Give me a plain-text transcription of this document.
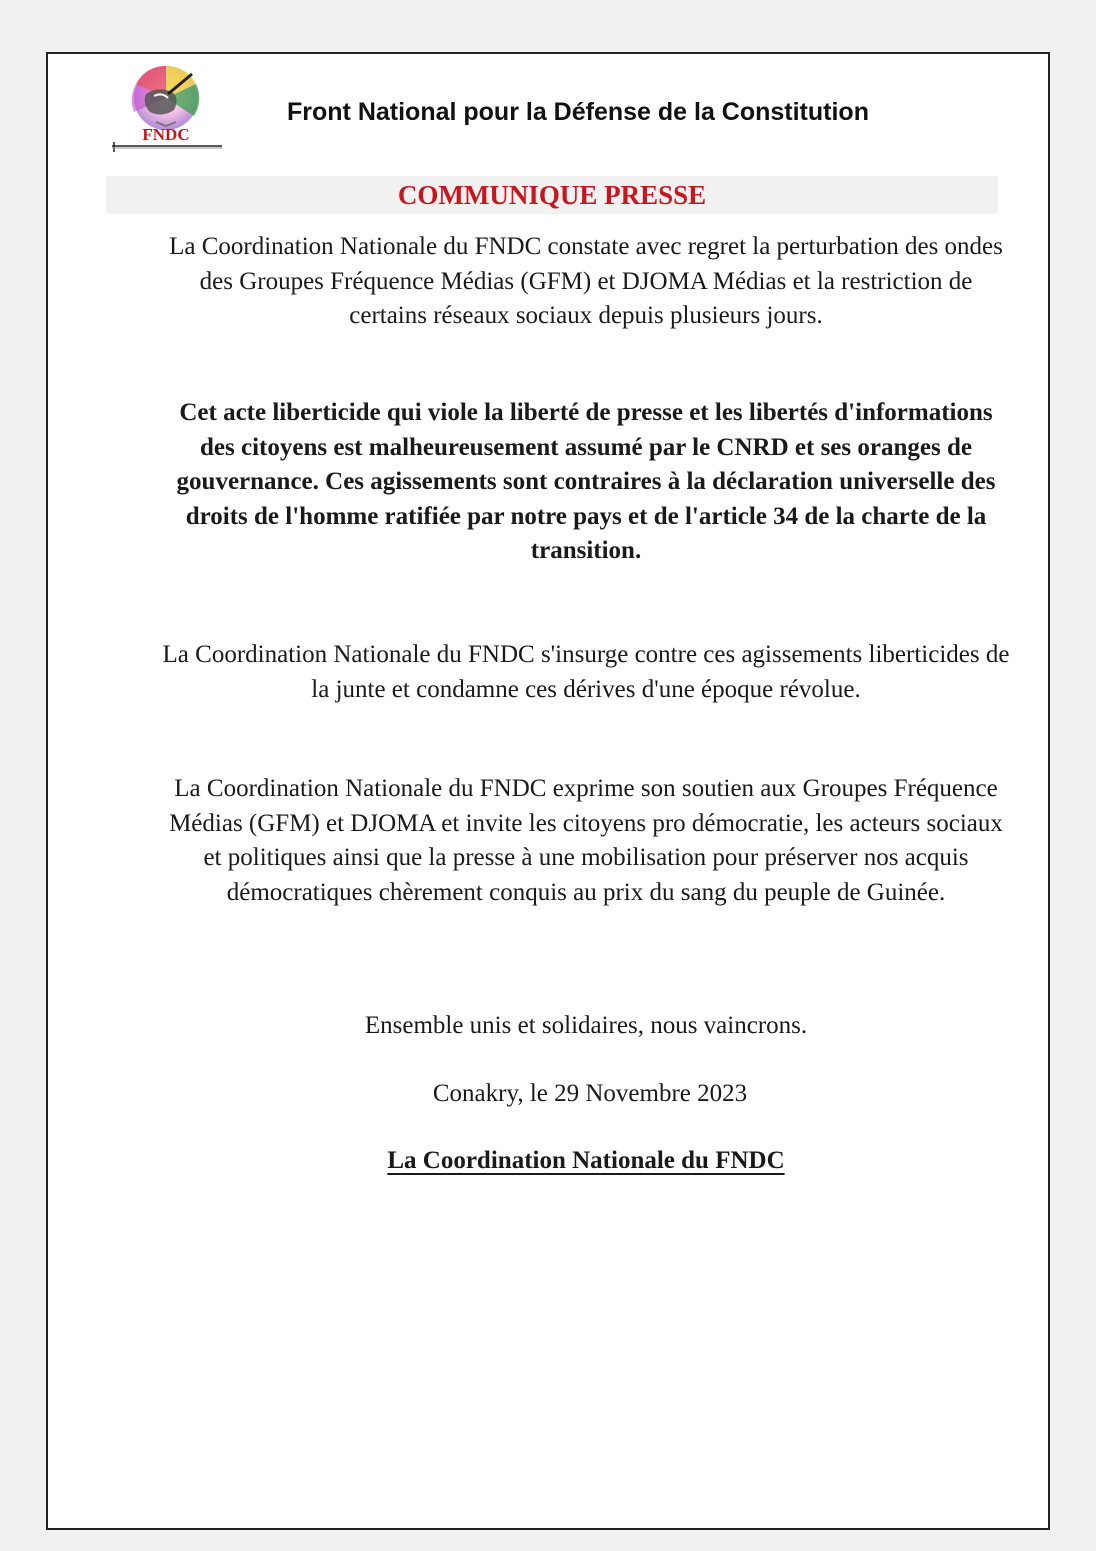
FNDC
Front National pour la Défense de la Constitution
COMMUNIQUE PRESSE

La Coordination Nationale du FNDC constate avec regret la perturbation des ondes des Groupes Fréquence Médias (GFM) et DJOMA Médias et la restriction de certains réseaux sociaux depuis plusieurs jours.

Cet acte liberticide qui viole la liberté de presse et les libertés d'informations des citoyens est malheureusement assumé par le CNRD et ses oranges de gouvernance. Ces agissements sont contraires à la déclaration universelle des droits de l'homme ratifiée par notre pays et de l'article 34 de la charte de la transition.

La Coordination Nationale du FNDC s'insurge contre ces agissements liberticides de la junte et condamne ces dérives d'une époque révolue.

La Coordination Nationale du FNDC exprime son soutien aux Groupes Fréquence Médias (GFM) et DJOMA et invite les citoyens pro démocratie, les acteurs sociaux et politiques ainsi que la presse à une mobilisation pour préserver nos acquis démocratiques chèrement conquis au prix du sang du peuple de Guinée.

Ensemble unis et solidaires, nous vaincrons.

Conakry, le 29 Novembre 2023

La Coordination Nationale du FNDC
